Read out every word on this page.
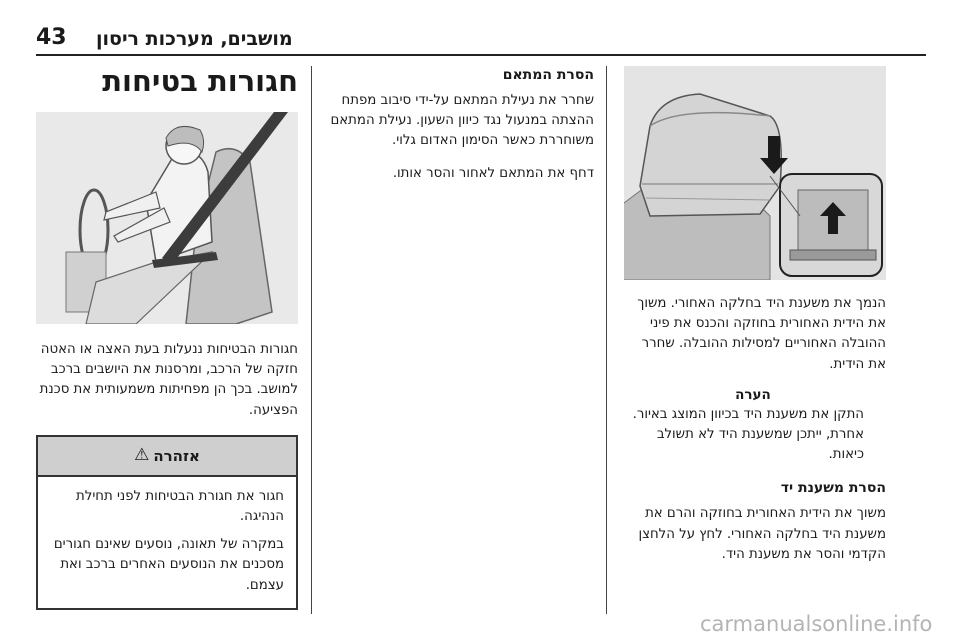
מושבים, מערכות ריסון
43

הנמך את משענת היד בחלקה האחורי. משוך את הידית האחורית בחוזקה והכנס את פיני ההובלה האחוריים למסילות ההובלה. שחרר את הידית.

הערה

התקן את משענת היד בכיוון המוצג באיור. אחרת, ייתכן שמשענת היד לא תשולב כיאות.

הסרת משענת יד

משוך את הידית האחורית בחוזקה והרם את משענת היד בחלקה האחורי. לחץ על הלחצן הקדמי והסר את משענת היד.

הסרת המתאם

שחרר את נעילת המתאם על-ידי סיבוב מפתח ההצתה במנעול נגד כיוון השעון. נעילת המתאם משוחררת כאשר הסימון האדום גלוי.

דחף את המתאם לאחור והסר אותו.

חגורות בטיחות

חגורות הבטיחות ננעלות בעת האצה או האטה חזקה של הרכב, ומרסנות את היושבים ברכב למושב. בכך הן מפחיתות משמעותית את סכנת הפציעה.

אזהרה
⚠

חגור את חגורת הבטיחות לפני תחילת הנהיגה.

במקרה של תאונה, נוסעים שאינם חגורים מסכנים את הנוסעים האחרים ברכב ואת עצמם.

carmanualsonline.info
